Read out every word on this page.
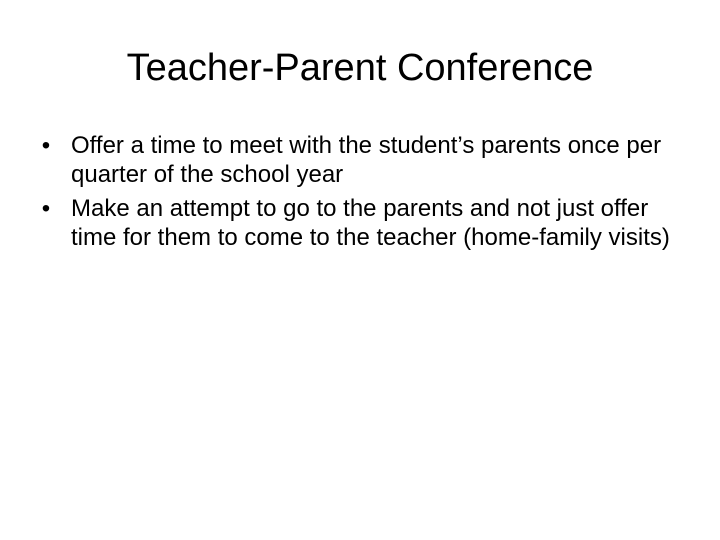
Teacher-Parent Conference
• Offer a time to meet with the student’s parents once per quarter of the school year
• Make an attempt to go to the parents and not just offer time for them to come to the teacher (home-family visits)
